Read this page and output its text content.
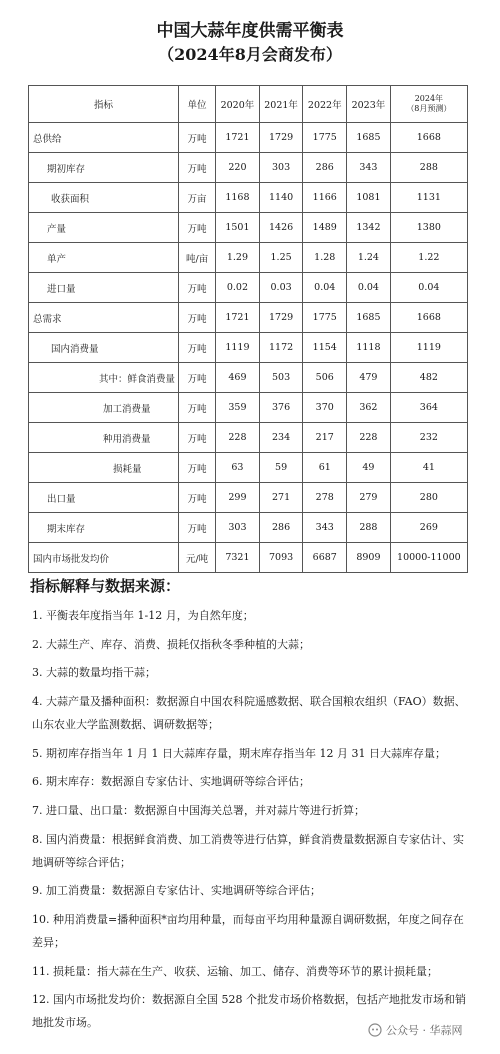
中国大蒜年度供需平衡表
（2024年8月会商发布）
指标	单位	2020年	2021年	2022年	2023年	2024年
（8月预测）

总供给	万吨	1721	1729	1775	1685	1668
期初库存	万吨	220	303	286	343	288
收获面积	万亩	1168	1140	1166	1081	1131
产量	万吨	1501	1426	1489	1342	1380
单产	吨/亩	1.29	1.25	1.28	1.24	1.22
进口量	万吨	0.02	0.03	0.04	0.04	0.04
总需求	万吨	1721	1729	1775	1685	1668
国内消费量	万吨	1119	1172	1154	1118	1119
其中：鲜食消费量	万吨	469	503	506	479	482
加工消费量	万吨	359	376	370	362	364
种用消费量	万吨	228	234	217	228	232
损耗量	万吨	63	59	61	49	41
出口量	万吨	299	271	278	279	280
期末库存	万吨	303	286	343	288	269
国内市场批发均价	元/吨	7321	7093	6687	8909	10000-11000
指标解释与数据来源：
1. 平衡表年度指当年 1-12 月，为自然年度；
2. 大蒜生产、库存、消费、损耗仅指秋冬季种植的大蒜；
3. 大蒜的数量均指干蒜；
4. 大蒜产量及播种面积：数据源自中国农科院遥感数据、联合国粮农组织（FAO）数据、山东农业大学监测数据、调研数据等；
5. 期初库存指当年 1 月 1 日大蒜库存量，期末库存指当年 12 月 31 日大蒜库存量；
6. 期末库存：数据源自专家估计、实地调研等综合评估；
7. 进口量、出口量：数据源自中国海关总署，并对蒜片等进行折算；
8. 国内消费量：根据鲜食消费、加工消费等进行估算，鲜食消费量数据源自专家估计、实地调研等综合评估；
9. 加工消费量：数据源自专家估计、实地调研等综合评估；
10. 种用消费量=播种面积*亩均用种量，而每亩平均用种量源自调研数据，年度之间存在差异；
11. 损耗量：指大蒜在生产、收获、运输、加工、储存、消费等环节的累计损耗量；
12. 国内市场批发均价：数据源自全国 528 个批发市场价格数据，包括产地批发市场和销地批发市场。
公众号 · 华蒜网
